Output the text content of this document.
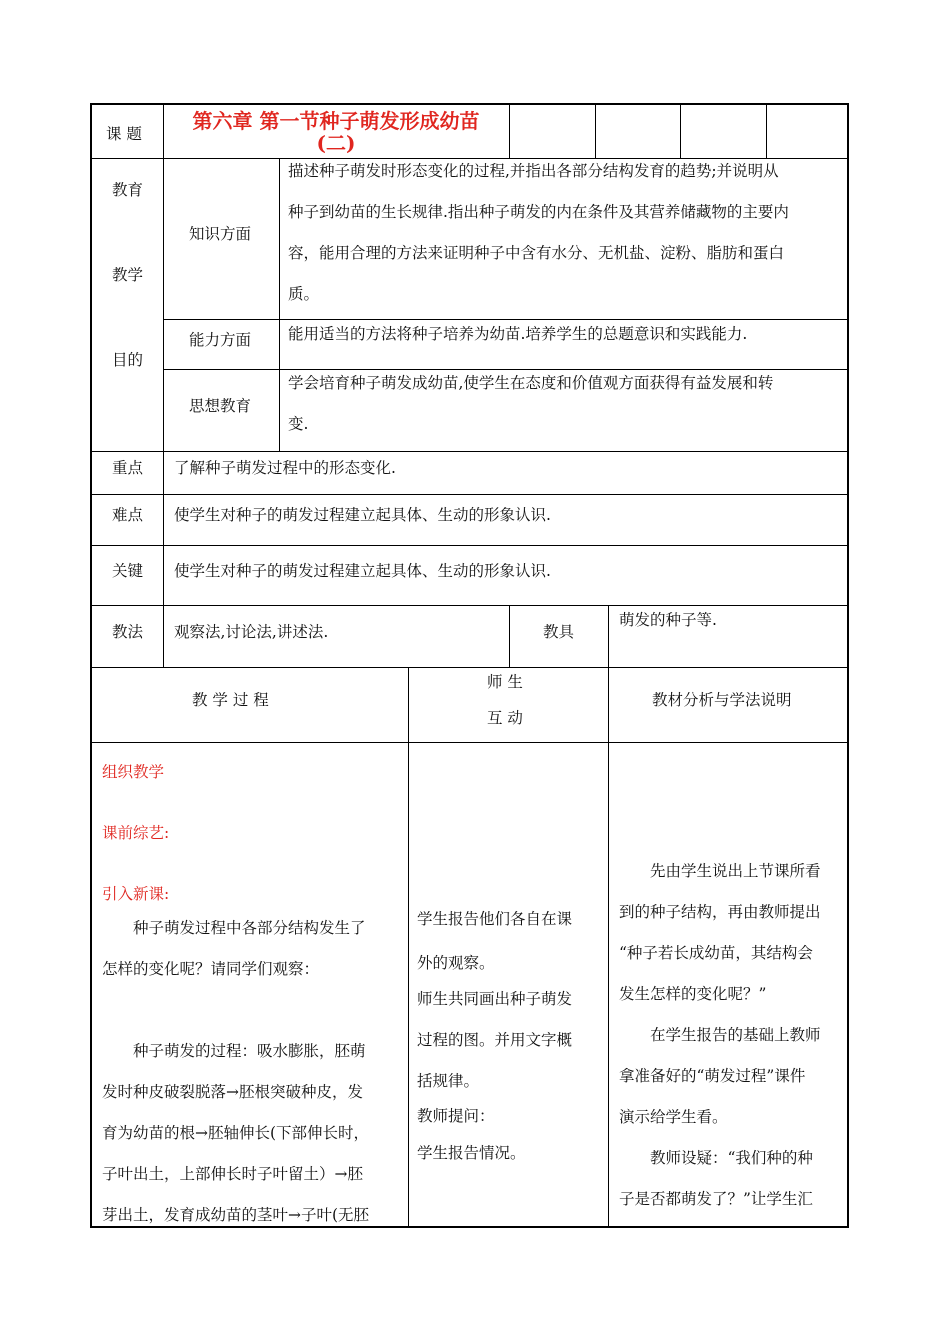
课 题
第六章 第一节种子萌发形成幼苗
(二)
教育
教学
目的
知识方面

描述种子萌发时形态变化的过程,并指出各部分结构发育的趋势;并说明从

种子到幼苗的生长规律.指出种子萌发的内在条件及其营养储藏物的主要内

容，能用合理的方法来证明种子中含有水分、无机盐、淀粉、脂肪和蛋白

质。

能力方面 能用适当的方法将种子培养为幼苗.培养学生的总题意识和实践能力.
思想教育

学会培育种子萌发成幼苗,使学生在态度和价值观方面获得有益发展和转

变.

重点 了解种子萌发过程中的形态变化.
难点 使学生对种子的萌发过程建立起具体、生动的形象认识.
关键 使学生对种子的萌发过程建立起具体、生动的形象认识.
教法 观察法,讨论法,讲述法.	教具
萌发的种子等.
教 学 过 程
师 生
互 动
教材分析与学法说明
组织教学
课前综艺:
引入新课:

　　种子萌发过程中各部分结构发生了

怎样的变化呢？请同学们观察：

　　种子萌发的过程：吸水膨胀，胚萌

发时种皮破裂脱落→胚根突破种皮，发

育为幼苗的根→胚轴伸长(下部伸长时，

子叶出土，上部伸长时子叶留土）→胚

芽出土，发育成幼苗的茎叶→子叶(无胚

学生报告他们各自在课
外的观察。
师生共同画出种子萌发
过程的图。并用文字概
括规律。
教师提问：
学生报告情况。

　　先由学生说出上节课所看

到的种子结构，再由教师提出

“种子若长成幼苗，其结构会

发生怎样的变化呢？”

　　在学生报告的基础上教师

拿准备好的“萌发过程”课件

演示给学生看。

　　教师设疑：“我们种的种

子是否都萌发了？”让学生汇
